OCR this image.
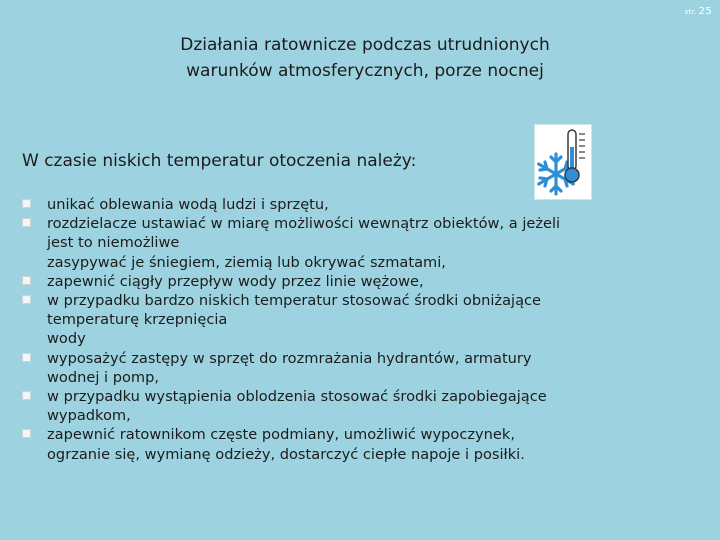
str. 25
Działania ratownicze podczas utrudnionych
warunków atmosferycznych, porze nocnej
W czasie niskich temperatur otoczenia należy:
unikać oblewania wodą ludzi i sprzętu,
rozdzielacze ustawiać w miarę możliwości wewnątrz obiektów, a jeżeli
jest to niemożliwe
zasypywać je śniegiem, ziemią lub okrywać szmatami,
zapewnić ciągły przepływ wody przez linie wężowe,
w przypadku bardzo niskich temperatur stosować środki obniżające
temperaturę krzepnięcia
wody
wyposażyć zastępy w sprzęt do rozmrażania hydrantów, armatury
wodnej i pomp,
w przypadku wystąpienia oblodzenia stosować środki zapobiegające
wypadkom,
zapewnić ratownikom częste podmiany, umożliwić wypoczynek,
ogrzanie się, wymianę odzieży, dostarczyć ciepłe napoje i posiłki.
